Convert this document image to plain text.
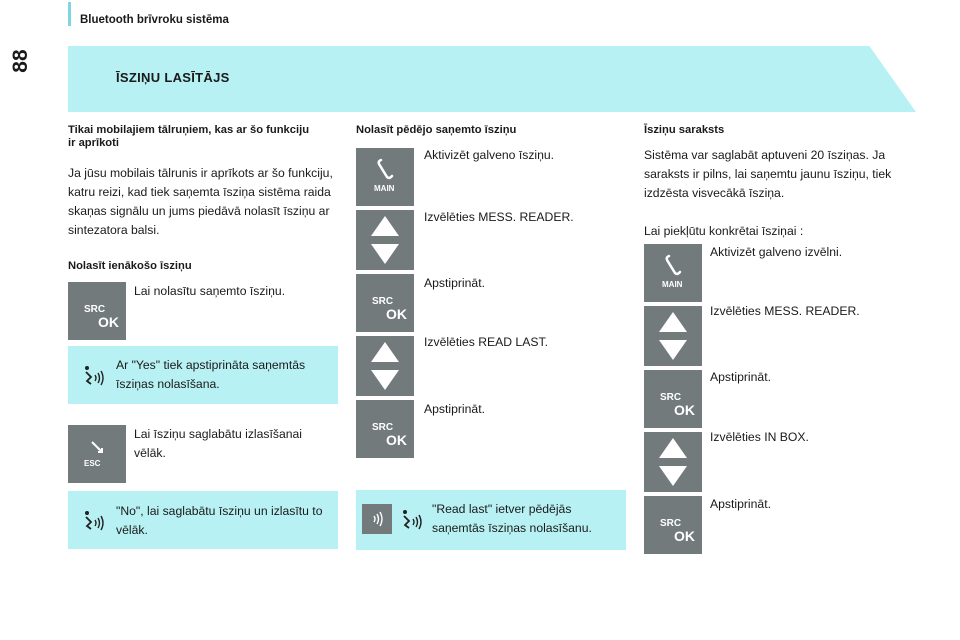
88
Bluetooth brīvroku sistēma
ĪSZIŅU LASĪTĀJS
Tikai mobilajiem tālruņiem, kas ar šo funkciju ir aprīkoti
Ja jūsu mobilais tālrunis ir aprīkots ar šo funkciju, katru reizi, kad tiek saņemta īsziņa sistēma raida skaņas signālu un jums piedāvā nolasīt īsziņu ar sintezatora balsi.
Nolasīt ienākošo īsziņu
SRC
OK
Lai nolasītu saņemto īsziņu.
Ar "Yes" tiek apstiprināta saņemtās īsziņas nolasīšana.
ESC
Lai īsziņu saglabātu izlasīšanai vēlāk.
"No", lai saglabātu īsziņu un izlasītu to vēlāk.
Nolasīt pēdējo saņemto īsziņu
MAIN
Aktivizēt galveno īsziņu.
Izvēlēties MESS. READER.
SRC
OK
Apstiprināt.
Izvēlēties READ LAST.
SRC
OK
Apstiprināt.
"Read last" ietver pēdējās saņemtās īsziņas nolasīšanu.
Īsziņu saraksts
Sistēma var saglabāt aptuveni 20 īsziņas. Ja saraksts ir pilns, lai saņemtu jaunu īsziņu, tiek izdzēsta visvecākā īsziņa.
Lai piekļūtu konkrētai īsziņai :
MAIN
Aktivizēt galveno izvēlni.
Izvēlēties MESS. READER.
SRC
OK
Apstiprināt.
Izvēlēties IN BOX.
SRC
OK
Apstiprināt.
